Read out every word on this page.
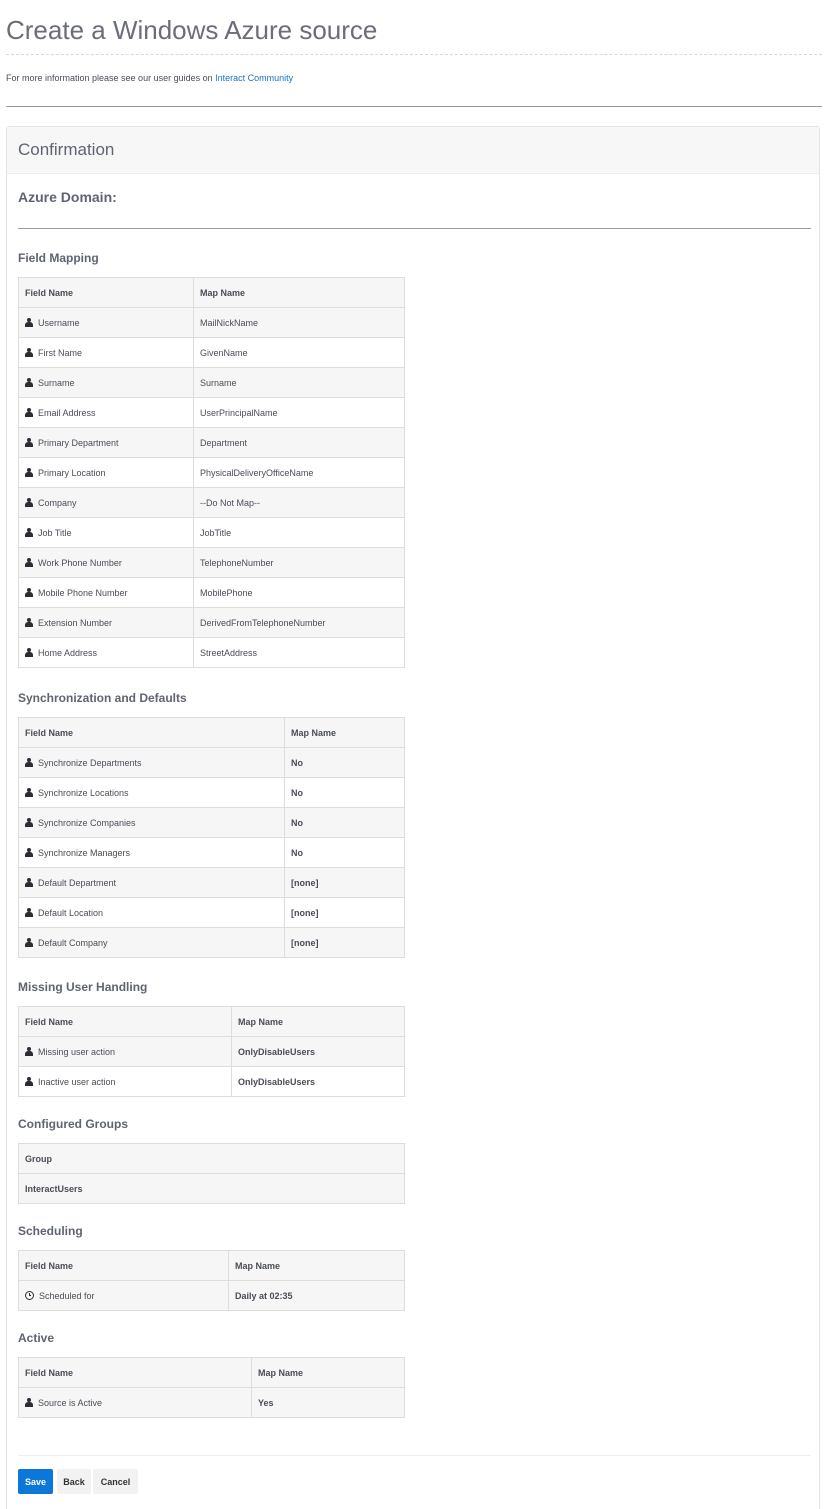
Create a Windows Azure source
For more information please see our user guides on Interact Community
Confirmation
Azure Domain:
Field Mapping
Field Name	Map Name
Username	MailNickName
First Name	GivenName
Surname	Surname
Email Address	UserPrincipalName
Primary Department	Department
Primary Location	PhysicalDeliveryOfficeName
Company	--Do Not Map--
Job Title	JobTitle
Work Phone Number	TelephoneNumber
Mobile Phone Number	MobilePhone
Extension Number	DerivedFromTelephoneNumber
Home Address	StreetAddress
Synchronization and Defaults
Field Name	Map Name
Synchronize Departments	No
Synchronize Locations	No
Synchronize Companies	No
Synchronize Managers	No
Default Department	[none]
Default Location	[none]
Default Company	[none]
Missing User Handling
Field Name	Map Name
Missing user action	OnlyDisableUsers
Inactive user action	OnlyDisableUsers
Configured Groups
Group
InteractUsers
Scheduling
Field Name	Map Name
Scheduled for	Daily at 02:35
Active
Field Name	Map Name
Source is Active	Yes
Save	Back	Cancel
